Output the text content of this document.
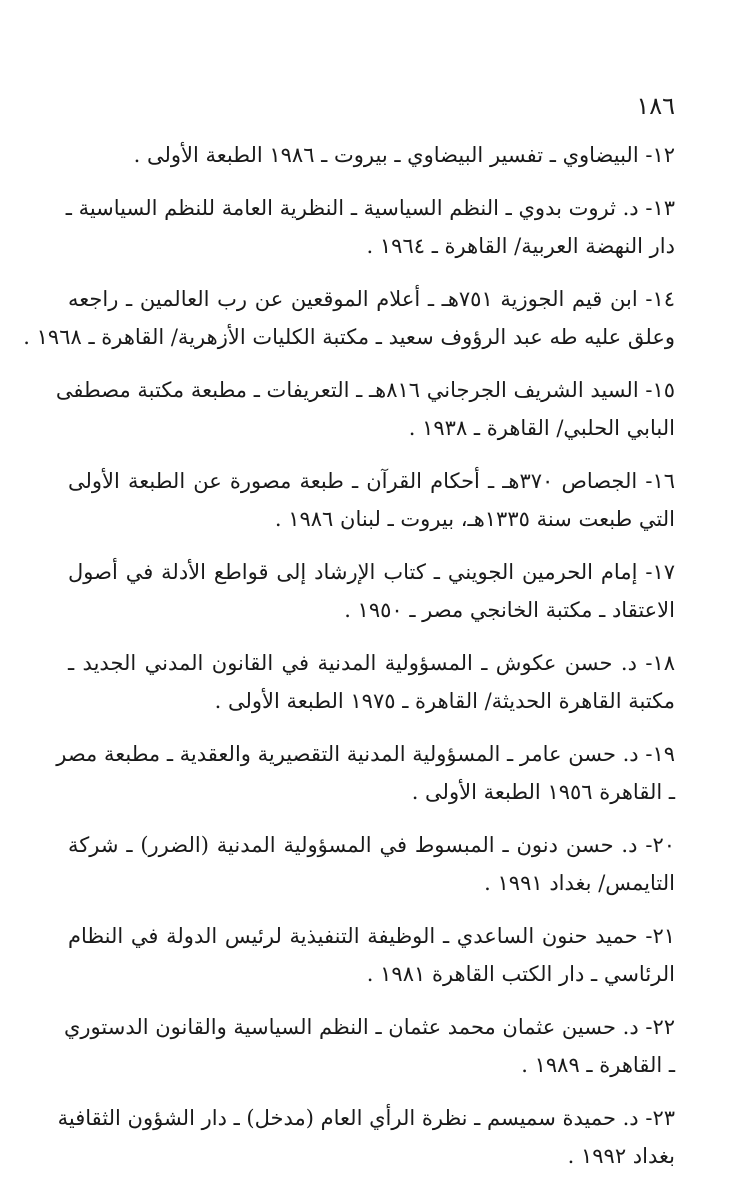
١٨٦
١٢- البيضاوي ـ تفسير البيضاوي ـ بيروت ـ ١٩٨٦ الطبعة الأولى .
١٣- د. ثروت بدوي ـ النظم السياسية ـ النظرية العامة للنظم السياسية ـ
دار النهضة العربية/ القاهرة ـ ١٩٦٤ .
١٤- ابن قيم الجوزية ٧٥١هـ ـ أعلام الموقعين عن رب العالمين ـ راجعه
وعلق عليه طه عبد الرؤوف سعيد ـ مكتبة الكليات الأزهرية/ القاهرة ـ ١٩٦٨ .
١٥- السيد الشريف الجرجاني ٨١٦هـ ـ التعريفات ـ مطبعة مكتبة مصطفى
البابي الحلبي/ القاهرة ـ ١٩٣٨ .
١٦- الجصاص ٣٧٠هـ ـ أحكام القرآن ـ طبعة مصورة عن الطبعة الأولى
التي طبعت سنة ١٣٣٥هـ، بيروت ـ لبنان ١٩٨٦ .
١٧- إمام الحرمين الجويني ـ كتاب الإرشاد إلى قواطع الأدلة في أصول
الاعتقاد ـ مكتبة الخانجي مصر ـ ١٩٥٠ .
١٨- د. حسن عكوش ـ المسؤولية المدنية في القانون المدني الجديد ـ
مكتبة القاهرة الحديثة/ القاهرة ـ ١٩٧٥ الطبعة الأولى .
١٩- د. حسن عامر ـ المسؤولية المدنية التقصيرية والعقدية ـ مطبعة مصر
ـ القاهرة ١٩٥٦ الطبعة الأولى .
٢٠- د. حسن دنون ـ المبسوط في المسؤولية المدنية (الضرر) ـ شركة
التايمس/ بغداد ١٩٩١ .
٢١- حميد حنون الساعدي ـ الوظيفة التنفيذية لرئيس الدولة في النظام
الرئاسي ـ دار الكتب القاهرة ١٩٨١ .
٢٢- د. حسين عثمان محمد عثمان ـ النظم السياسية والقانون الدستوري
ـ القاهرة ـ ١٩٨٩ .
٢٣- د. حميدة سميسم ـ نظرة الرأي العام (مدخل) ـ دار الشؤون الثقافية
بغداد ١٩٩٢ .
